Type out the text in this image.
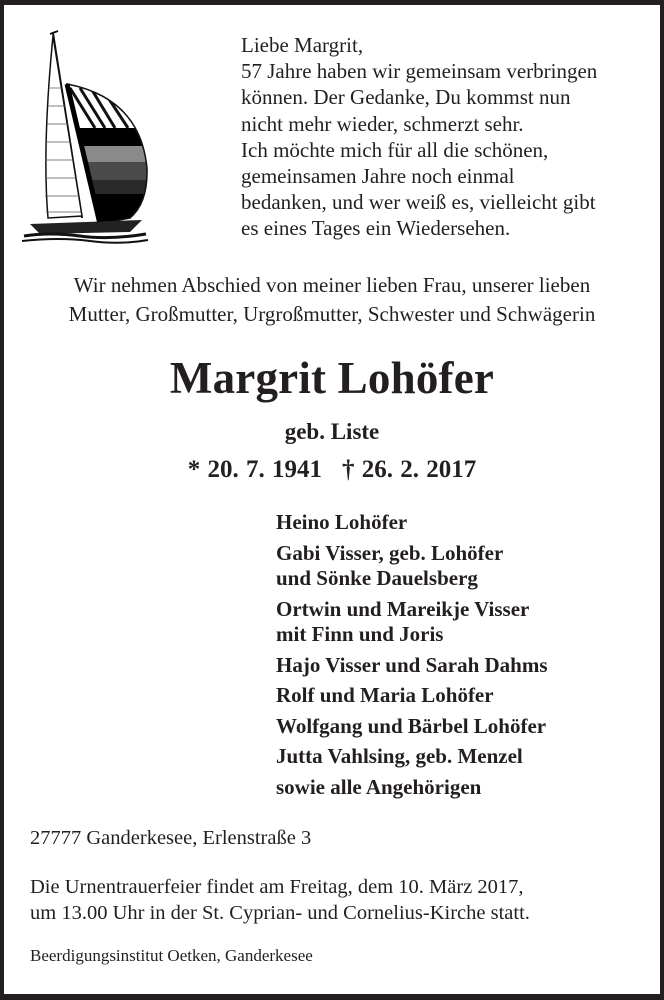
Liebe Margrit,
57 Jahre haben wir gemeinsam verbringen
können. Der Gedanke, Du kommst nun
nicht mehr wieder, schmerzt sehr.
Ich möchte mich für all die schönen,
gemeinsamen Jahre noch einmal
bedanken, und wer weiß es, vielleicht gibt
es eines Tages ein Wiedersehen.
Wir nehmen Abschied von meiner lieben Frau, unserer lieben
Mutter, Großmutter, Urgroßmutter, Schwester und Schwägerin
Margrit Lohöfer
geb. Liste
* 20. 7. 1941 † 26. 2. 2017
Heino Lohöfer
Gabi Visser, geb. Lohöfer
und Sönke Dauelsberg
Ortwin und Mareikje Visser
mit Finn und Joris
Hajo Visser und Sarah Dahms
Rolf und Maria Lohöfer
Wolfgang und Bärbel Lohöfer
Jutta Vahlsing, geb. Menzel
sowie alle Angehörigen
27777 Ganderkesee, Erlenstraße 3
Die Urnentrauerfeier findet am Freitag, dem 10. März 2017,
um 13.00 Uhr in der St. Cyprian- und Cornelius-Kirche statt.
Beerdigungsinstitut Oetken, Ganderkesee
